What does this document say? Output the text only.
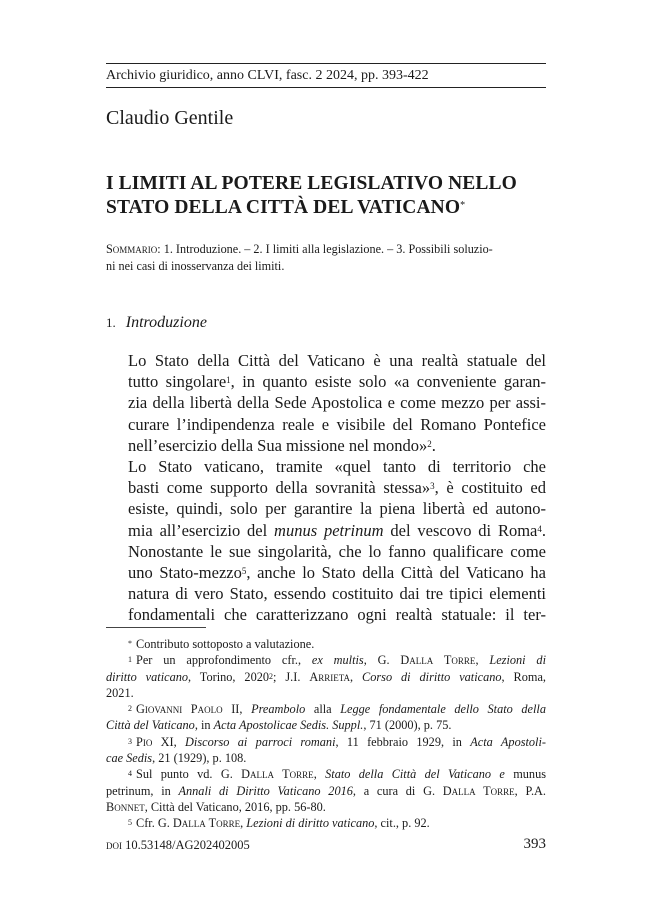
Archivio giuridico, anno CLVI, fasc. 2 2024, pp. 393-422
Claudio Gentile
I LIMITI AL POTERE LEGISLATIVO NELLO
STATO DELLA CITTÀ DEL VATICANO*
Sommario: 1. Introduzione. – 2. I limiti alla legislazione. – 3. Possibili soluzio-
ni nei casi di inosservanza dei limiti.
1. Introduzione

Lo Stato della Città del Vaticano è una realtà statuale del
tutto singolare$^1$, in quanto esiste solo «a conveniente garan-
zia della libertà della Sede Apostolica e come mezzo per assi-
curare l’indipendenza reale e visibile del Romano Pontefice
nell’esercizio della Sua missione nel mondo»$^2$.

Lo Stato vaticano, tramite «quel tanto di territorio che
basti come supporto della sovranità stessa»$^3$, è costituito ed
esiste, quindi, solo per garantire la piena libertà ed autono-
mia all’esercizio del munus petrinum del vescovo di Roma$^4$.
Nonostante le sue singolarità, che lo fanno qualificare come
uno Stato-mezzo$^5$, anche lo Stato della Città del Vaticano ha
natura di vero Stato, essendo costituito dai tre tipici elementi
fondamentali che caratterizzano ogni realtà statuale: il ter-

* Contributo sottoposto a valutazione.
$^1$ Per un approfondimento cfr., ex multis, G. Dalla Torre, Lezioni di
diritto vaticano, Torino, 2020$^2$; J.I. Arrieta, Corso di diritto vaticano, Roma,
2021.
$^2$ Giovanni Paolo II, Preambolo alla Legge fondamentale dello Stato della
Città del Vaticano, in Acta Apostolicae Sedis. Suppl., 71 (2000), p. 75.
$^3$ Pio XI, Discorso ai parroci romani, 11 febbraio 1929, in Acta Apostoli-
cae Sedis, 21 (1929), p. 108.
$^4$ Sul punto vd. G. Dalla Torre, Stato della Città del Vaticano e munus
petrinum, in Annali di Diritto Vaticano 2016, a cura di G. Dalla Torre, P.A.
Bonnet, Città del Vaticano, 2016, pp. 56-80.
$^5$ Cfr. G. Dalla Torre, Lezioni di diritto vaticano, cit., p. 92.
doi 10.53148/AG202402005	393
